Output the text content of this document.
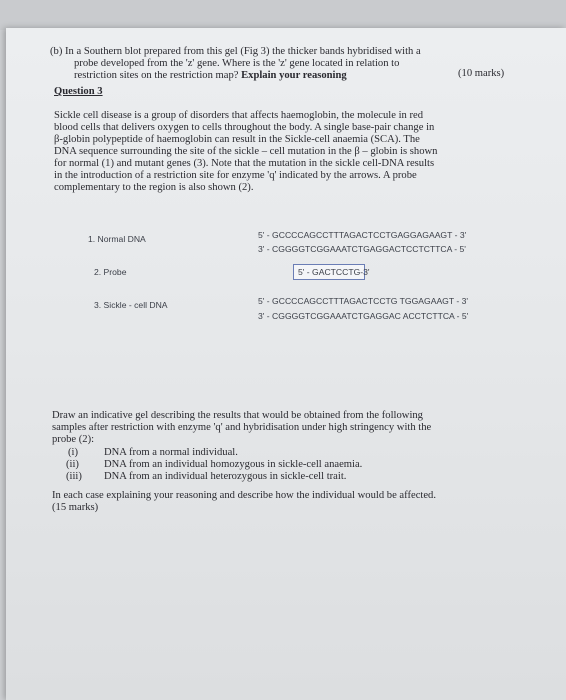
(b) In a Southern blot prepared from this gel (Fig 3) the thicker bands hybridised with a
probe developed from the 'z' gene. Where is the 'z' gene located in relation to
restriction sites on the restriction map? Explain your reasoning	(10 marks)
Question 3
Sickle cell disease is a group of disorders that affects haemoglobin, the molecule in red
blood cells that delivers oxygen to cells throughout the body. A single base-pair change in
β-globin polypeptide of haemoglobin can result in the Sickle-cell anaemia (SCA). The
DNA sequence surrounding the site of the sickle – cell mutation in the β – globin is shown
for normal (1) and mutant genes (3). Note that the mutation in the sickle cell-DNA results
in the introduction of a restriction site for enzyme 'q' indicated by the arrows. A probe
complementary to the region is also shown (2).
1. Normal DNA	5' - GCCCCAGCCTTTAGACTCCTGAGGAGAAGT - 3'
3' - CGGGGTCGGAAATCTGAGGACTCCTCTTCA - 5'
2. Probe	5' - GACTCCTG-3'
3. Sickle - cell DNA	5' - GCCCCAGCCTTTAGACTCCTG TGGAGAAGT - 3'
3' - CGGGGTCGGAAATCTGAGGAC ACCTCTTCA - 5'
Draw an indicative gel describing the results that would be obtained from the following
samples after restriction with enzyme 'q' and hybridisation under high stringency with the
probe (2):
(i) DNA from a normal individual.
(ii) DNA from an individual homozygous in sickle-cell anaemia.
(iii) DNA from an individual heterozygous in sickle-cell trait.
In each case explaining your reasoning and describe how the individual would be affected.
(15 marks)
